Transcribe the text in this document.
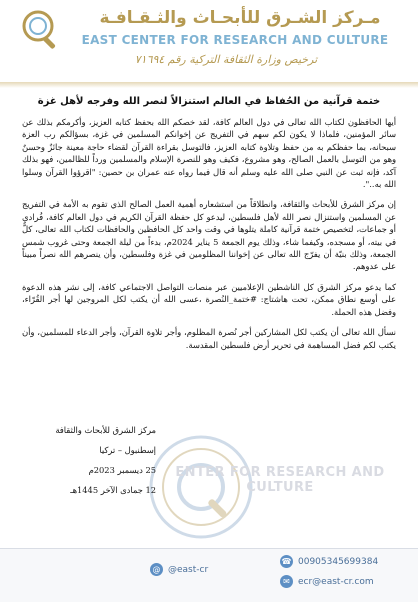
مـركز الشـرق للأبحـاث والثـقـافـة
EAST CENTER FOR RESEARCH AND CULTURE
ترخيص وزارة الثقافة التركية رقم ٧١٦٩٤
ختمة قرآنية من الحُفاظ في العالم استنزالاً لنصر الله وفرجه لأهل غزة

أيها الحافظون لكتاب الله تعالى في دول العالم كافة، لقد خصكم الله بحفظ كتابه العزيز، وأكرمكم بذلك عن سائر المؤمنين، فلماذا لا يكون لكم سهم في التفريج عن إخوانكم المسلمين في غزة، بسؤالكم رب العزة سبحانه، بما حفظكم به من حفظ وتلاوة كتابه العزيز، فالتوسل بقراءة القرآن لقضاء حاجة معينة جائزٌ وحسنٌ وهو من التوسل بالعمل الصالح، وهو مشروع، فكيف وهو للنصرة الإسلام والمسلمين ورداً للظالمين، فهو بذلك آكد، فإنه ثبت عن النبي صلى الله عليه وسلم أنه قال فيما رواه عنه عمران بن حصين: "اقرؤوا القرآن وسلوا الله به..".

إن مركز الشرق للأبحاث والثقافة، وانطلاقاً من استشعاره أهمية العمل الصالح الذي تقوم به الأمة في التفريج عن المسلمين واستنزال نصر الله لأهل فلسطين، ليدعو كل حفظة القرآن الكريم في دول العالم كافة، فُرادى أو جماعات، لتخصيص ختمة قرآنية كاملة يتلوها في وقت واحد كل الحافظين والحافظات لكتاب الله تعالى، كلٌّ في بيته، أو مسجده، وكيفما شاء، وذلك يوم الجمعة 5 يناير 2024م، بدءاً من ليلة الجمعة وحتى غروب شمس الجمعة، وذلك بنيّة أن يفرّج الله تعالى عن إخواننا المظلومين في غزة وفلسطين، وأن ينصرهم الله نصراً مبيناً على عدوهم.

كما يدعو مركز الشرق كل الناشطين الإعلاميين عبر منصات التواصل الاجتماعي كافة، إلى نشر هذه الدعوة على أوسع نطاق ممكن، تحت هاشتاج: #ختمة_النُصرة ،عسى الله أن يكتب لكل المروجين لها أجر القُرّاء، وفضل هذه الحملة.

نسأل الله تعالى أن يكتب لكل المشاركين أجر نُصرة المظلوم، وأجر تلاوة القرآن، وأجر الدعاء للمسلمين، وأن يكتب لكم فضل المساهمة في تحرير أرض فلسطين المقدسة.

ENTER FOR RESEARCH AND CULTURE
مركز الشرق للأبحاث والثقافة
إسطنبول – تركيا
25 ديسمبر 2023م
12 جمادى الآخر 1445هـ
@ @east-cr
☎ 00905345699384
✉ ecr@east-cr.com
